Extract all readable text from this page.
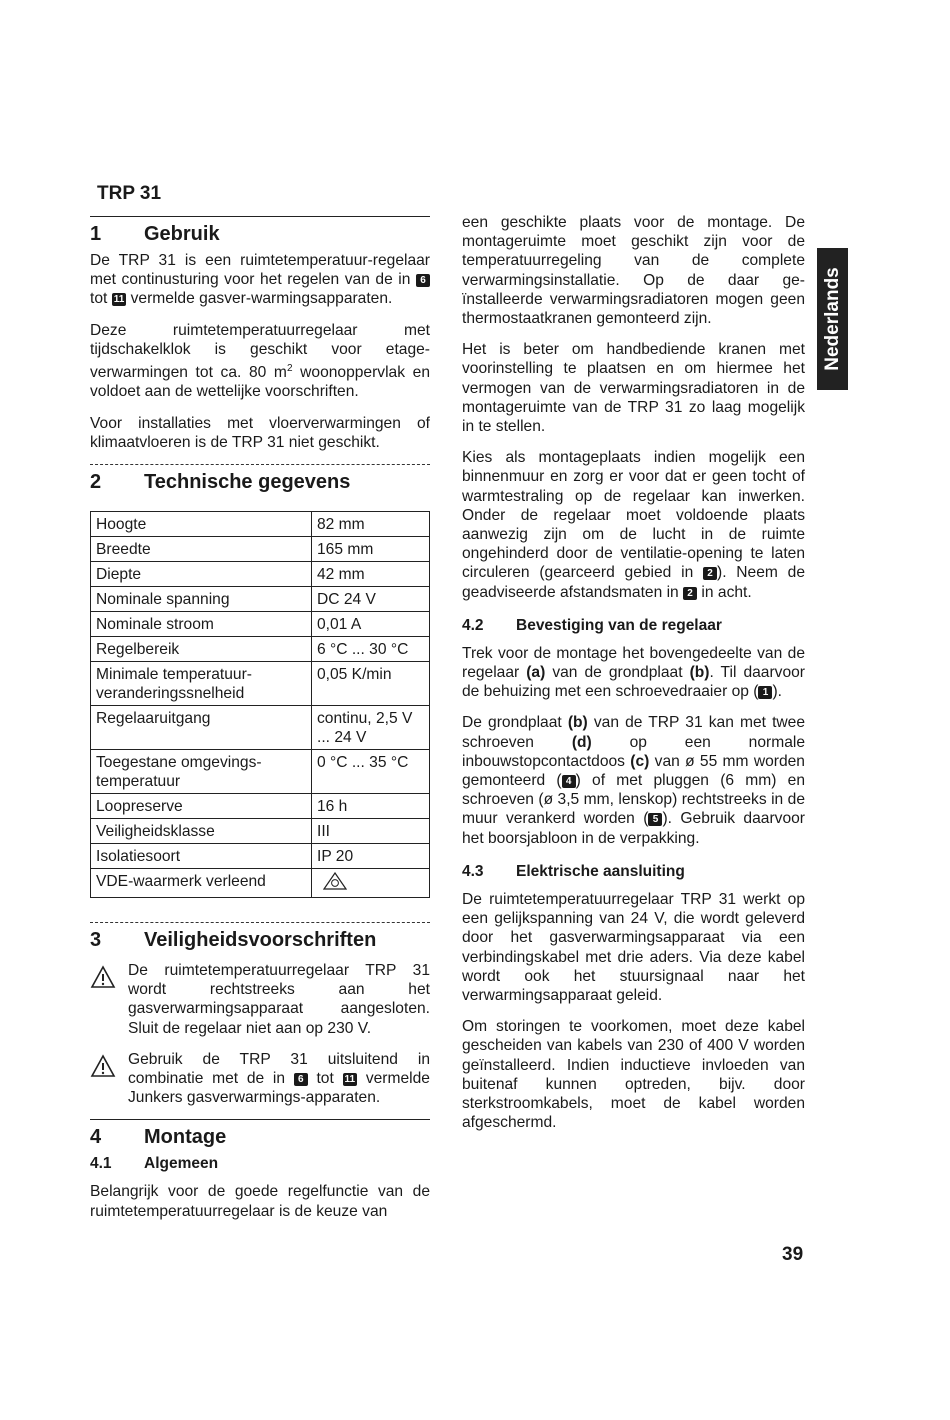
TRP 31
1	Gebruik

De TRP 31 is een ruimtetemperatuur-regelaar met continusturing voor het regelen van de in 6 tot 11 vermelde gasver-warmingsapparaten.

Deze ruimtetemperatuurregelaar met tijdschakelklok is geschikt voor etage-verwarmingen tot ca. 80 $m^2$ woonoppervlak en voldoet aan de wettelijke voorschriften.

Voor installaties met vloerverwarmingen of klimaatvloeren is de TRP 31 niet geschikt.

2	Technische gegevens
Hoogte	82 mm
Breedte	165 mm
Diepte	42 mm
Nominale spanning	DC 24 V
Nominale stroom	0,01 A
Regelbereik	6 °C ... 30 °C
Minimale temperatuur-veranderingssnelheid	0,05 K/min
Regelaaruitgang	continu, 2,5 V ... 24 V
Toegestane omgevings-temperatuur	0 °C ... 35 °C
Loopreserve	16 h
Veiligheidsklasse	III
Isolatiesoort	IP 20
VDE-waarmerk verleend	
3	Veiligheidsvoorschriften

De ruimtetemperatuurregelaar TRP 31 wordt rechtstreeks aan het gasverwarmingsapparaat aangesloten. Sluit de regelaar niet aan op 230 V.

Gebruik de TRP 31 uitsluitend in combinatie met de in 6 tot 11 vermelde Junkers gasverwarmings-apparaten.

4	Montage
4.1	Algemeen

Belangrijk voor de goede regelfunctie van de ruimtetemperatuurregelaar is de keuze van

een geschikte plaats voor de montage. De montageruimte moet geschikt zijn voor de temperatuurregeling van de complete verwarmingsinstallatie. Op de daar ge-ïnstalleerde verwarmingsradiatoren mogen geen thermostaatkranen gemonteerd zijn.

Het is beter om handbediende kranen met voorinstelling te plaatsen en om hiermee het vermogen van de verwarmingsradiatoren in de montageruimte van de TRP 31 zo laag mogelijk in te stellen.

Kies als montageplaats indien mogelijk een binnenmuur en zorg er voor dat er geen tocht of warmtestraling op de regelaar kan inwerken. Onder de regelaar moet voldoende plaats aanwezig zijn om de lucht in de ruimte ongehinderd door de ventilatie-opening te laten circuleren (gearceerd gebied in 2 ). Neem de geadviseerde afstandsmaten in 2 in acht.

4.2	Bevestiging van de regelaar

Trek voor de montage het bovengedeelte van de regelaar (a) van de grondplaat (b). Til daarvoor de behuizing met een schroevedraaier op ( 1 ).

De grondplaat (b) van de TRP 31 kan met twee schroeven (d) op een normale inbouwstopcontactdoos (c) van ø 55 mm worden gemonteerd ( 4 ) of met pluggen (6 mm) en schroeven (ø 3,5 mm, lenskop) rechtstreeks in de muur verankerd worden ( 5 ). Gebruik daarvoor het boorsjabloon in de verpakking.

4.3	Elektrische aansluiting

De ruimtetemperatuurregelaar TRP 31 werkt op een gelijkspanning van 24 V, die wordt geleverd door het gasverwarmingsapparaat via een verbindingskabel met drie aders. Via deze kabel wordt ook het stuursignaal naar het verwarmingsapparaat geleid.

Om storingen te voorkomen, moet deze kabel gescheiden van kabels van 230 of 400 V worden geïnstalleerd. Indien inductieve invloeden van buitenaf kunnen optreden, bijv. door sterkstroomkabels, moet de kabel worden afgeschermd.

Nederlands
39
